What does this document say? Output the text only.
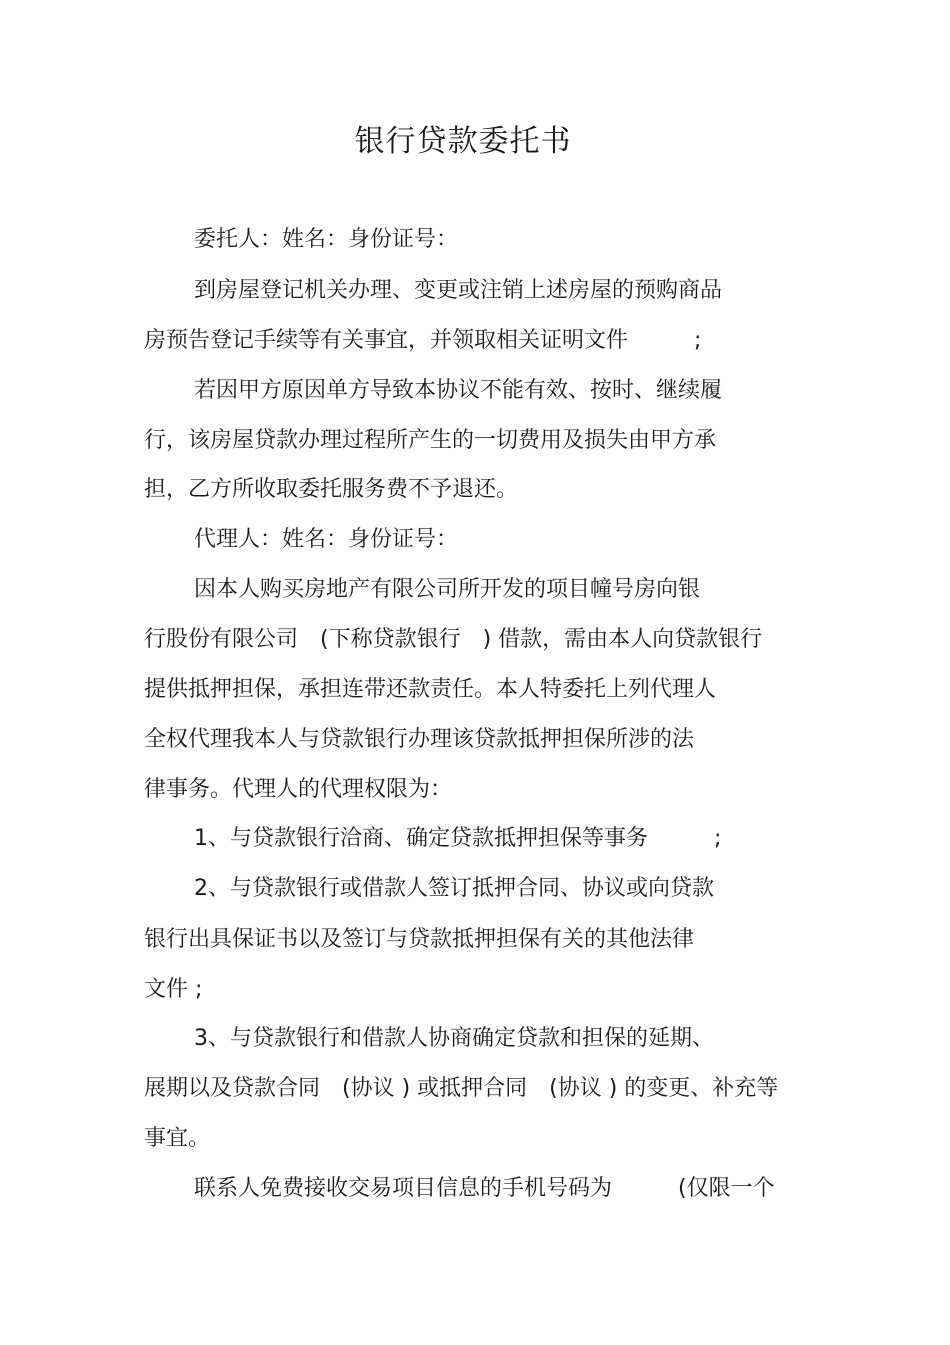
银行贷款委托书
委托人：姓名：身份证号：
到房屋登记机关办理、变更或注销上述房屋的预购商品
房预告登记手续等有关事宜，并领取相关证明文件　　　;
若因甲方原因单方导致本协议不能有效、按时、继续履
行，该房屋贷款办理过程所产生的一切费用及损失由甲方承
担，乙方所收取委托服务费不予退还。
代理人：姓名：身份证号：
因本人购买房地产有限公司所开发的项目幢号房向银
行股份有限公司　(下称贷款银行　) 借款，需由本人向贷款银行
提供抵押担保，承担连带还款责任。本人特委托上列代理人
全权代理我本人与贷款银行办理该贷款抵押担保所涉的法
律事务。代理人的代理权限为：
1、与贷款银行洽商、确定贷款抵押担保等事务　　　;
2、与贷款银行或借款人签订抵押合同、协议或向贷款
银行出具保证书以及签订与贷款抵押担保有关的其他法律
文件 ;
3、与贷款银行和借款人协商确定贷款和担保的延期、
展期以及贷款合同　(协议 ) 或抵押合同　(协议 ) 的变更、补充等
事宜。
联系人免费接收交易项目信息的手机号码为　　　(仅限一个
